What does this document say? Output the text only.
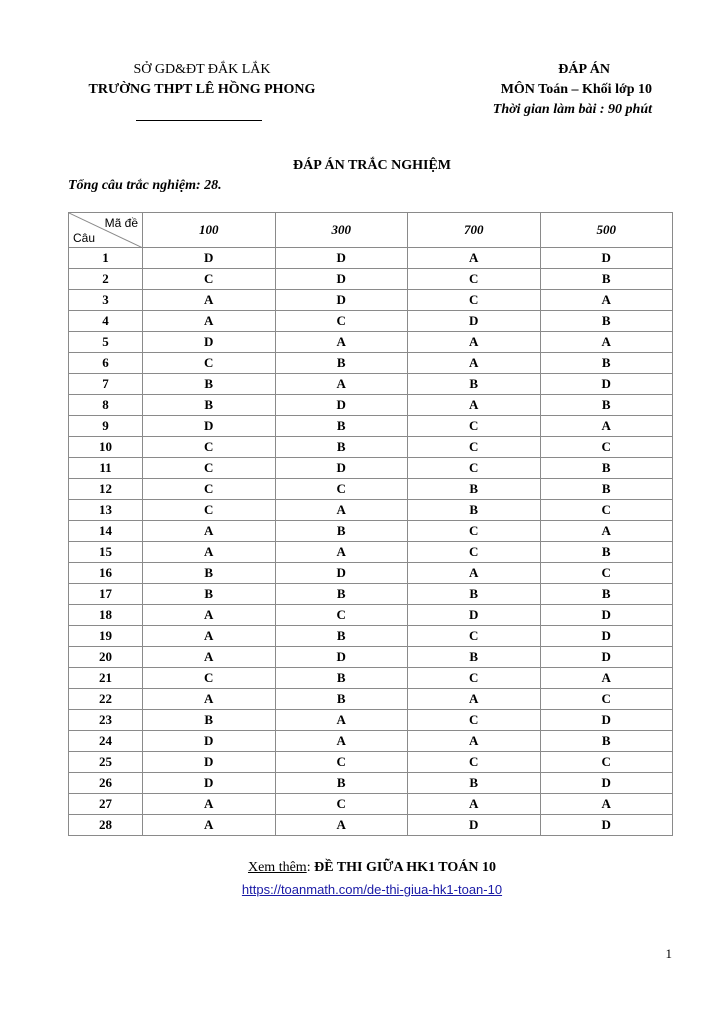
SỞ GD&ĐT ĐẮK LẮK
TRƯỜNG THPT LÊ HỒNG PHONG
ĐÁP ÁN
MÔN Toán – Khối lớp 10
Thời gian làm bài : 90 phút
ĐÁP ÁN TRẮC NGHIỆM
Tổng câu trắc nghiệm: 28.
Mã đề
Câu	100	300	700	500
1	D	D	A	D
2	C	D	C	B
3	A	D	C	A
4	A	C	D	B
5	D	A	A	A
6	C	B	A	B
7	B	A	B	D
8	B	D	A	B
9	D	B	C	A
10	C	B	C	C
11	C	D	C	B
12	C	C	B	B
13	C	A	B	C
14	A	B	C	A
15	A	A	C	B
16	B	D	A	C
17	B	B	B	B
18	A	C	D	D
19	A	B	C	D
20	A	D	B	D
21	C	B	C	A
22	A	B	A	C
23	B	A	C	D
24	D	A	A	B
25	D	C	C	C
26	D	B	B	D
27	A	C	A	A
28	A	A	D	D
Xem thêm: ĐỀ THI GIỮA HK1 TOÁN 10
https://toanmath.com/de-thi-giua-hk1-toan-10
1
